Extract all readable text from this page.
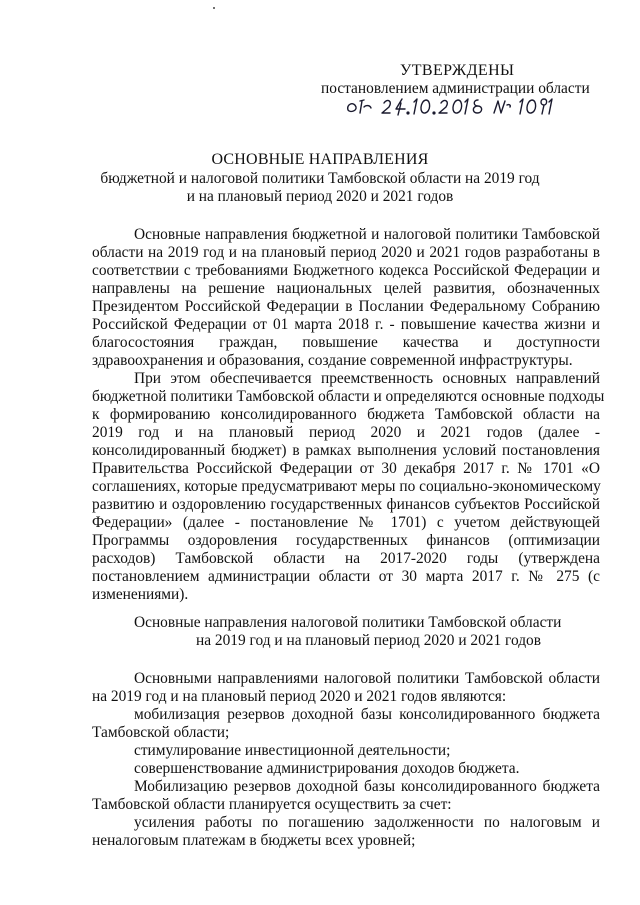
УТВЕРЖДЕНЫ
постановлением администрации области
ОСНОВНЫЕ НАПРАВЛЕНИЯ
бюджетной и налоговой политики Тамбовской области на 2019 год
и на плановый период 2020 и 2021 годов
Основные направления бюджетной и налоговой политики Тамбовской
области на 2019 год и на плановый период 2020 и 2021 годов разработаны в
соответствии с требованиями Бюджетного кодекса Российской Федерации и
направлены на решение национальных целей развития, обозначенных
Президентом Российской Федерации в Послании Федеральному Собранию
Российской Федерации от 01 марта 2018 г. - повышение качества жизни и
благосостояния граждан, повышение качества и доступности
здравоохранения и образования, создание современной инфраструктуры.
При этом обеспечивается преемственность основных направлений
бюджетной политики Тамбовской области и определяются основные подходы
к формированию консолидированного бюджета Тамбовской области на
2019 год и на плановый период 2020 и 2021 годов (далее -
консолидированный бюджет) в рамках выполнения условий постановления
Правительства Российской Федерации от 30 декабря 2017 г. № 1701 «О
соглашениях, которые предусматривают меры по социально-экономическому
развитию и оздоровлению государственных финансов субъектов Российской
Федерации» (далее - постановление № 1701) с учетом действующей
Программы оздоровления государственных финансов (оптимизации
расходов) Тамбовской области на 2017-2020 годы (утверждена
постановлением администрации области от 30 марта 2017 г. № 275 (с
изменениями).
Основные направления налоговой политики Тамбовской области
на 2019 год и на плановый период 2020 и 2021 годов
Основными направлениями налоговой политики Тамбовской области
на 2019 год и на плановый период 2020 и 2021 годов являются:
мобилизация резервов доходной базы консолидированного бюджета
Тамбовской области;
стимулирование инвестиционной деятельности;
совершенствование администрирования доходов бюджета.
Мобилизацию резервов доходной базы консолидированного бюджета
Тамбовской области планируется осуществить за счет:
усиления работы по погашению задолженности по налоговым и
неналоговым платежам в бюджеты всех уровней;
